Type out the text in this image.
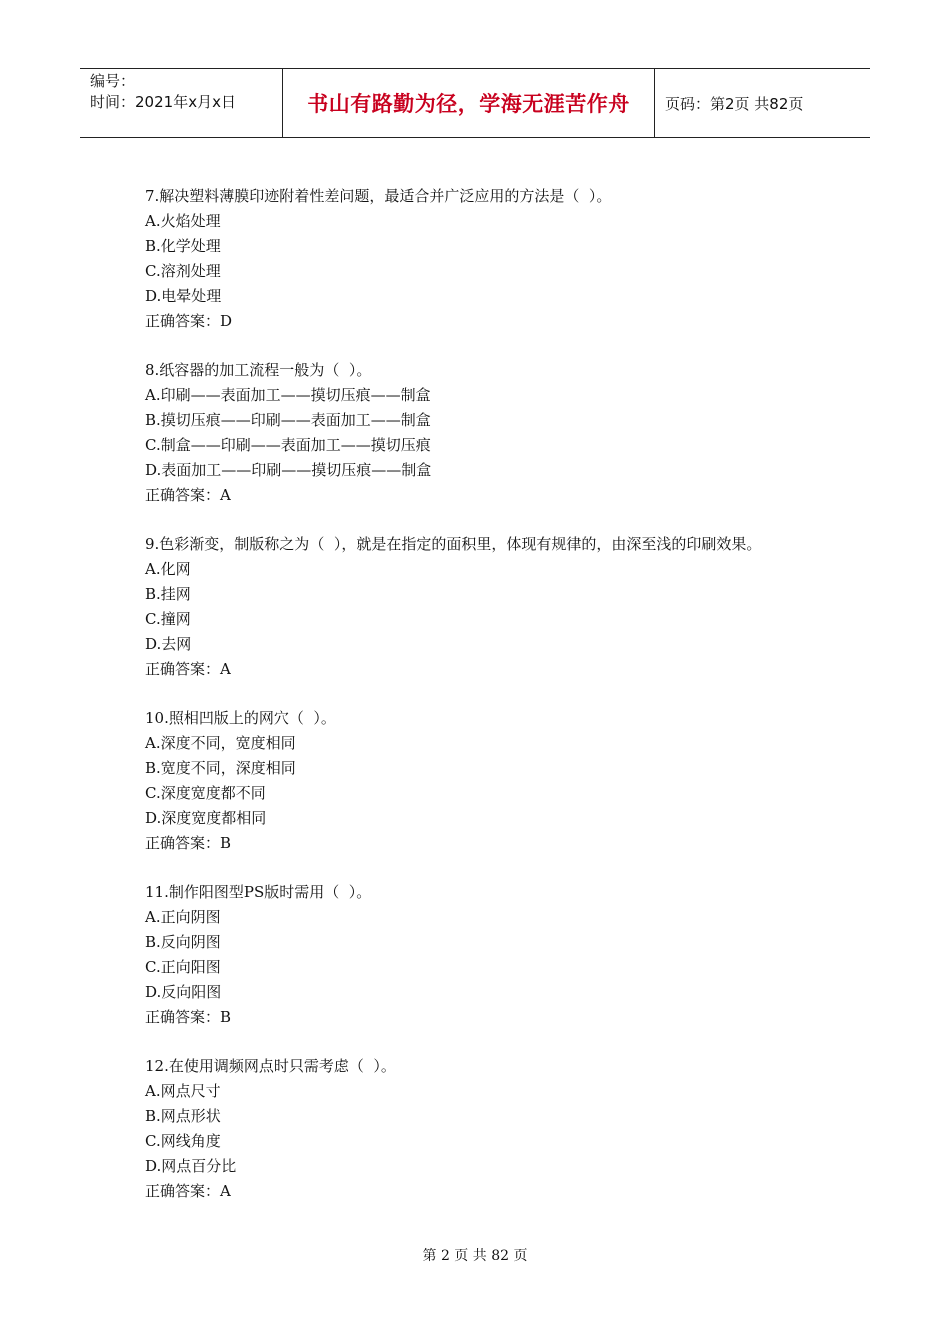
编号：
时间：2021年x月x日	书山有路勤为径，学海无涯苦作舟 页码：第2页 共82页
7.解决塑料薄膜印迹附着性差问题，最适合并广泛应用的方法是（  ）。
A.火焰处理
B.化学处理
C.溶剂处理
D.电晕处理
正确答案：D
8.纸容器的加工流程一般为（  ）。
A.印刷——表面加工——摸切压痕——制盒
B.摸切压痕——印刷——表面加工——制盒
C.制盒——印刷——表面加工——摸切压痕
D.表面加工——印刷——摸切压痕——制盒
正确答案：A
9.色彩渐变，制版称之为（  ），就是在指定的面积里，体现有规律的，由深至浅的印刷效果。
A.化网
B.挂网
C.撞网
D.去网
正确答案：A
10.照相凹版上的网穴（  ）。
A.深度不同，宽度相同
B.宽度不同，深度相同
C.深度宽度都不同
D.深度宽度都相同
正确答案：B
11.制作阳图型PS版时需用（  ）。
A.正向阴图
B.反向阴图
C.正向阳图
D.反向阳图
正确答案：B
12.在使用调频网点时只需考虑（  ）。
A.网点尺寸
B.网点形状
C.网线角度
D.网点百分比
正确答案：A
第 2 页 共 82 页
